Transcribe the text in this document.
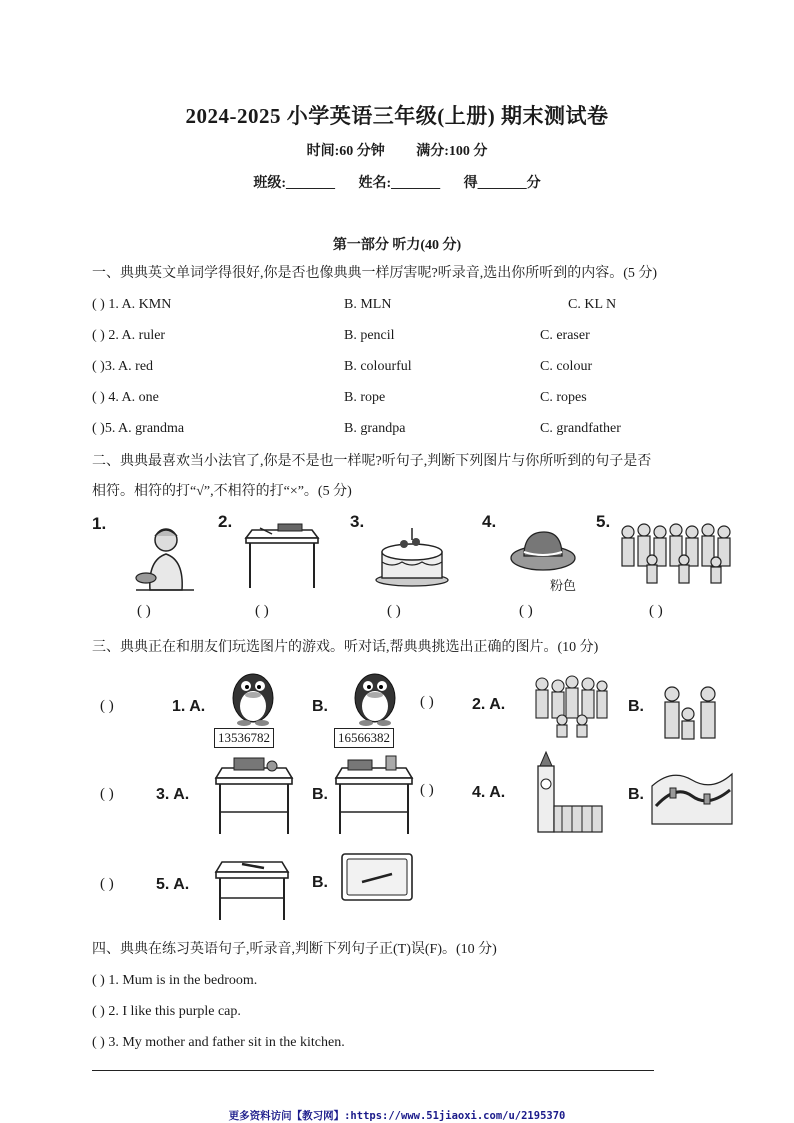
2024-2025 小学英语三年级(上册) 期末测试卷
时间:60 分钟 满分:100 分
班级:_______ 姓名:_______ 得_______分
第一部分 听力(40 分)
一、典典英文单词学得很好,你是否也像典典一样厉害呢?听录音,选出你所听到的内容。(5 分)
( ) 1. A. KMN	B. MLN	C. KL N
( ) 2. A. ruler	B. pencil	C. eraser
( )3. A. red	B. colourful	C. colour
( ) 4. A. one	B. rope	C. ropes
( )5. A. grandma	B. grandpa	C. grandfather
二、典典最喜欢当小法官了,你是不是也一样呢?听句子,判断下列图片与你所听到的句子是否
相符。相符的打“√”,不相符的打“×”。(5 分)
1.	2.	3.	4.	5.
粉色
( )	( )	( )	( )	( )
三、典典正在和朋友们玩选图片的游戏。听对话,帮典典挑选出正确的图片。(10 分)
( )	1. A.
13536782
B.
16566382
( ) 2. A.	B.
( )	3. A.	B.	( ) 4. A.	B.
( )	5. A.	B.
四、典典在练习英语句子,听录音,判断下列句子正(T)误(F)。(10 分)
( ) 1. Mum is in the bedroom.
( ) 2. I like this purple cap.
( ) 3. My mother and father sit in the kitchen.
更多资料访问【教习网】:https://www.51jiaoxi.com/u/2195370
